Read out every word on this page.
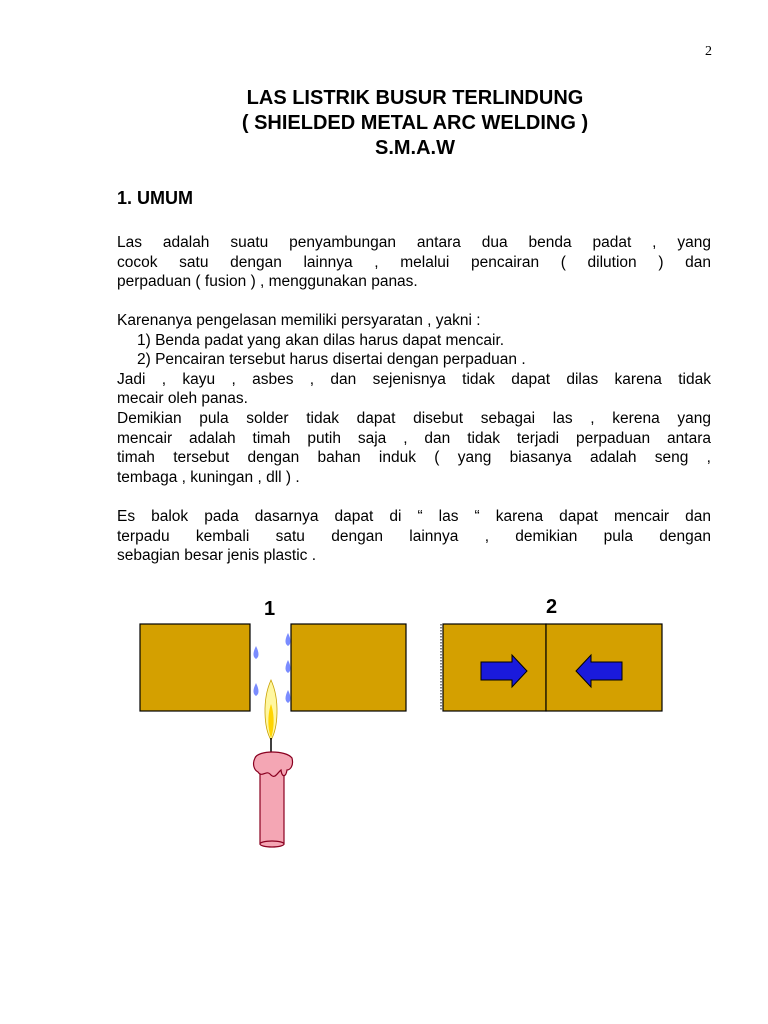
2
LAS LISTRIK BUSUR TERLINDUNG
( SHIELDED METAL ARC WELDING )
S.M.A.W
1. UMUM
Las adalah suatu penyambungan antara dua benda padat , yang
cocok satu dengan lainnya , melalui pencairan ( dilution ) dan
perpaduan ( fusion ) , menggunakan panas.
Karenanya pengelasan memiliki persyaratan , yakni :
1) Benda padat yang akan dilas harus dapat mencair.
2) Pencairan tersebut harus disertai dengan perpaduan .
Jadi , kayu , asbes , dan sejenisnya tidak dapat dilas karena tidak
mecair oleh panas.
Demikian pula solder tidak dapat disebut sebagai las , kerena yang
mencair adalah timah putih saja , dan tidak terjadi perpaduan antara
timah tersebut dengan bahan induk ( yang biasanya adalah seng ,
tembaga , kuningan , dll ) .
Es balok pada dasarnya dapat di “ las “ karena dapat mencair dan
terpadu kembali satu dengan lainnya , demikian pula dengan
sebagian besar jenis plastic .
1	2
